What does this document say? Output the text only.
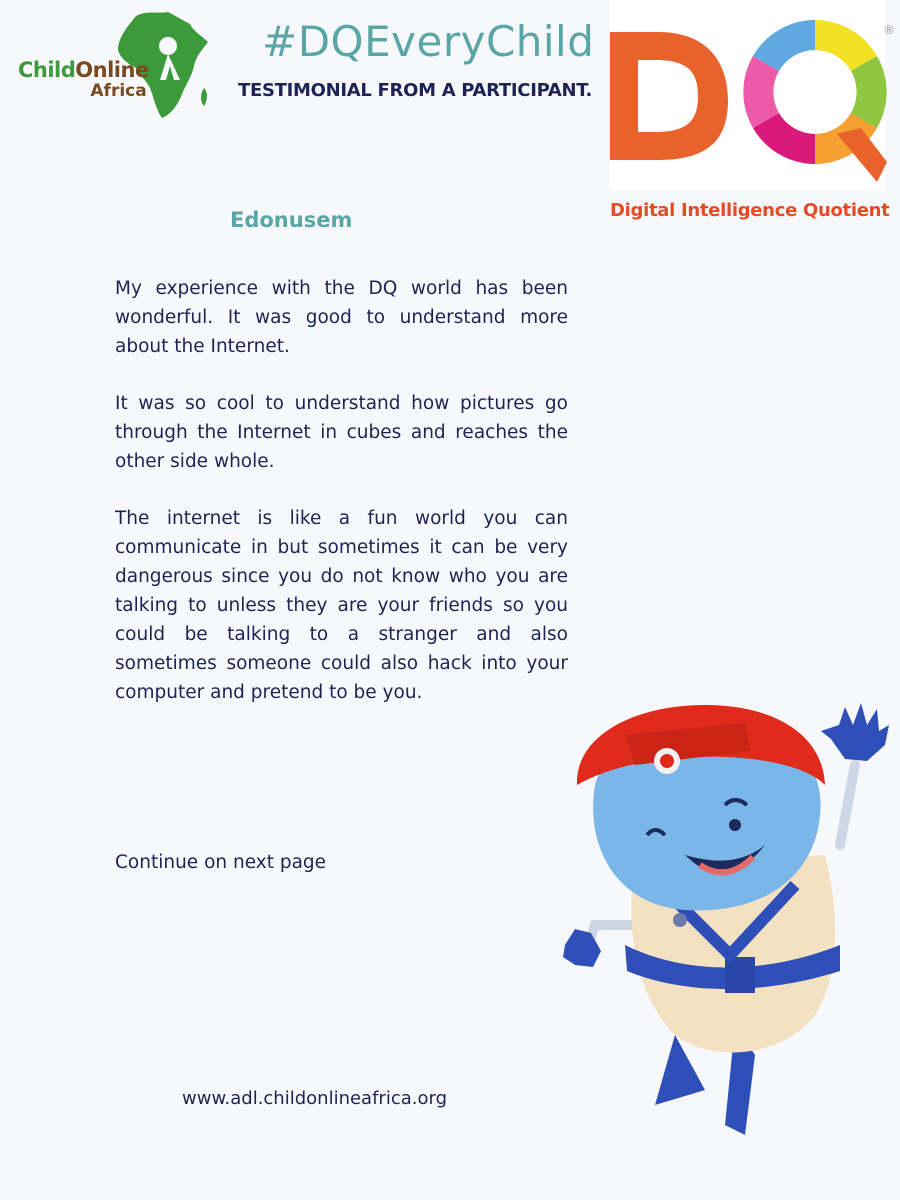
ChildOnline
Africa
#DQEveryChild
TESTIMONIAL FROM A PARTICIPANT.
®
Digital Intelligence Quotient
Edonusem

My experience with the DQ world has been wonderful. It was good to understand more about the Internet.

It was so cool to understand how pictures go through the Internet in cubes and reaches the other side whole.

The internet is like a fun world you can communicate in but sometimes it can be very dangerous since you do not know who you are talking to unless they are your friends so you could be talking to a stranger and also sometimes someone could also hack into your computer and pretend to be you.

Continue on next page
www.adl.childonlineafrica.org
